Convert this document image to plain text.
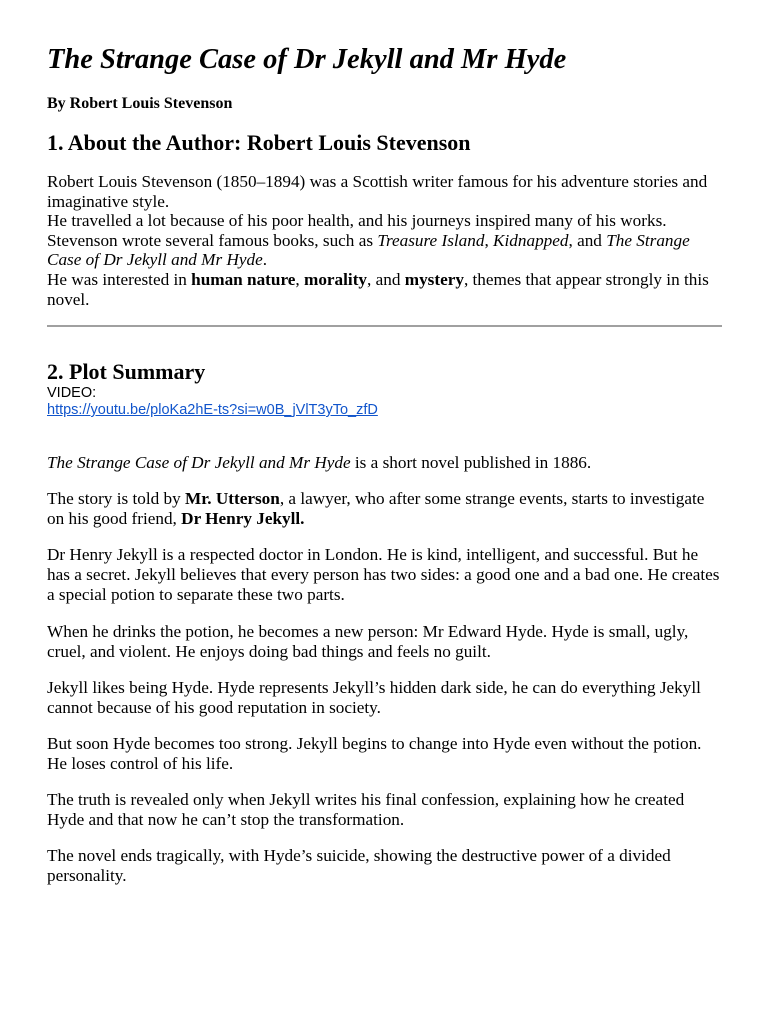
The Strange Case of Dr Jekyll and Mr Hyde

By Robert Louis Stevenson

1. About the Author: Robert Louis Stevenson

Robert Louis Stevenson (1850–1894) was a Scottish writer famous for his adventure stories and imaginative style.

He travelled a lot because of his poor health, and his journeys inspired many of his works.

Stevenson wrote several famous books, such as Treasure Island, Kidnapped, and The Strange Case of Dr Jekyll and Mr Hyde.

He was interested in human nature, morality, and mystery, themes that appear strongly in this novel.

2. Plot Summary
VIDEO:
https://youtu.be/ploKa2hE-ts?si=w0B_jVlT3yTo_zfD

The Strange Case of Dr Jekyll and Mr Hyde is a short novel published in 1886.

The story is told by Mr. Utterson, a lawyer, who after some strange events, starts to investigate on his good friend, Dr Henry Jekyll.

Dr Henry Jekyll is a respected doctor in London. He is kind, intelligent, and successful. But he has a secret. Jekyll believes that every person has two sides: a good one and a bad one. He creates a special potion to separate these two parts.

When he drinks the potion, he becomes a new person: Mr Edward Hyde. Hyde is small, ugly, cruel, and violent. He enjoys doing bad things and feels no guilt.

Jekyll likes being Hyde. Hyde represents Jekyll’s hidden dark side, he can do everything Jekyll cannot because of his good reputation in society.

But soon Hyde becomes too strong. Jekyll begins to change into Hyde even without the potion. He loses control of his life.

The truth is revealed only when Jekyll writes his final confession, explaining how he created Hyde and that now he can’t stop the transformation.

The novel ends tragically, with Hyde’s suicide, showing the destructive power of a divided personality.
